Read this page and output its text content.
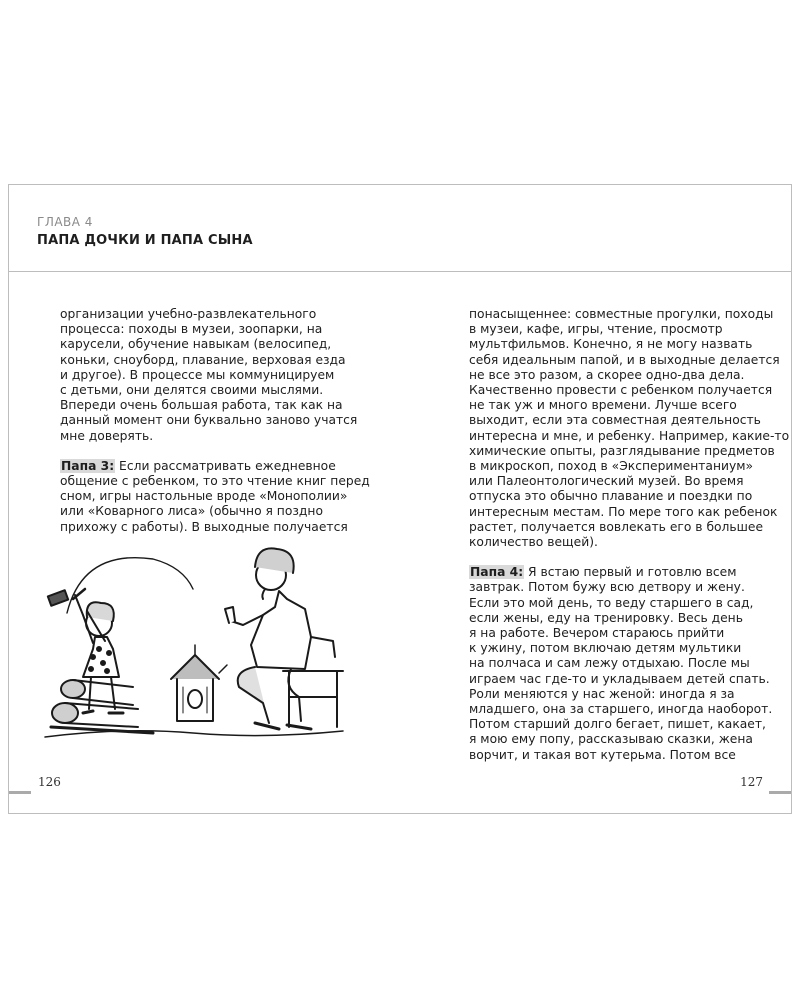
ГЛАВА 4
ПАПА ДОЧКИ И ПАПА СЫНА

организации учебно-развлекательного
процесса: походы в музеи, зоопарки, на
карусели, обучение навыкам (велосипед,
коньки, сноуборд, плавание, верховая езда
и другое). В процессе мы коммуницируем
с детьми, они делятся своими мыслями.
Впереди очень большая работа, так как на
данный момент они буквально заново учатся
мне доверять.

Папа 3: Если рассматривать ежедневное
общение с ребенком, то это чтение книг перед
сном, игры настольные вроде «Монополии»
или «Коварного лиса» (обычно я поздно
прихожу с работы). В выходные получается

понасыщеннее: совместные прогулки, походы
в музеи, кафе, игры, чтение, просмотр
мультфильмов. Конечно, я не могу назвать
себя идеальным папой, и в выходные делается
не все это разом, а скорее одно-два дела.
Качественно провести с ребенком получается
не так уж и много времени. Лучше всего
выходит, если эта совместная деятельность
интересна и мне, и ребенку. Например, какие-то
химические опыты, разглядывание предметов
в микроскоп, поход в «Экспериментаниум»
или Палеонтологический музей. Во время
отпуска это обычно плавание и поездки по
интересным местам. По мере того как ребенок
растет, получается вовлекать его в большее
количество вещей).

Папа 4: Я встаю первый и готовлю всем
завтрак. Потом бужу всю детвору и жену.
Если это мой день, то веду старшего в сад,
если жены, еду на тренировку. Весь день
я на работе. Вечером стараюсь прийти
к ужину, потом включаю детям мультики
на полчаса и сам лежу отдыхаю. После мы
играем час где-то и укладываем детей спать.
Роли меняются у нас женой: иногда я за
младшего, она за старшего, иногда наоборот.
Потом старший долго бегает, пишет, какает,
я мою ему попу, рассказываю сказки, жена
ворчит, и такая вот кутерьма. Потом все

126	127
